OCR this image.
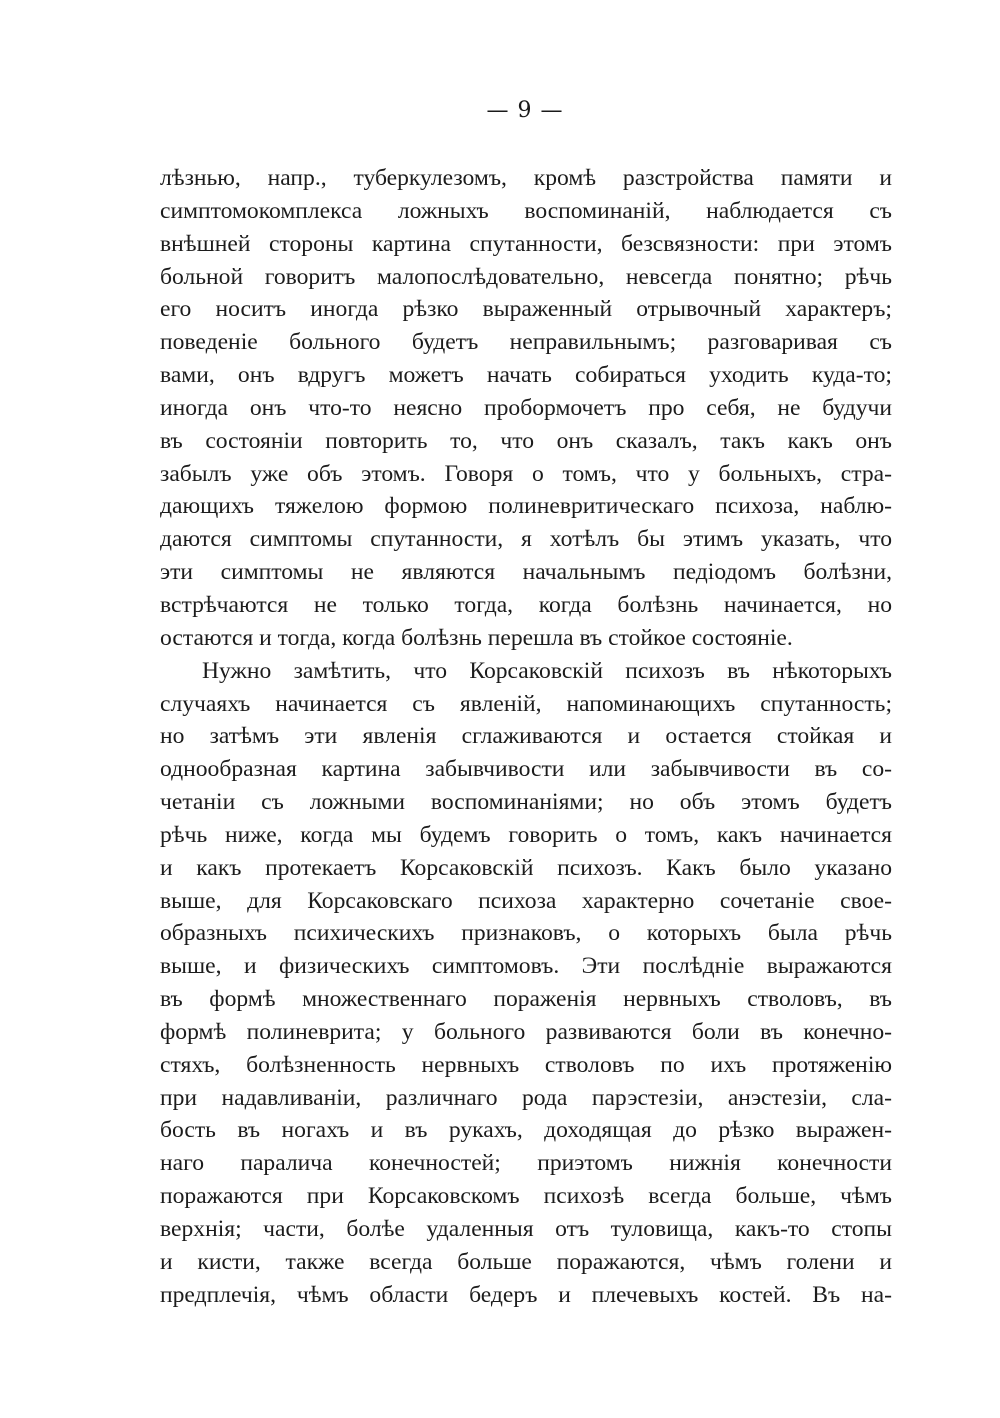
— 9 —
лѣзнью, напр., туберкулезомъ, кромѣ разстройства памяти и
симптомокомплекса ложныхъ воспоминаній, наблюдается съ
внѣшней стороны картина спутанности, безсвязности: при этомъ
больной говоритъ малопослѣдовательно, невсегда понятно; рѣчь
его носитъ иногда рѣзко выраженный отрывочный характеръ;
поведеніе больного будетъ неправильнымъ; разговаривая съ
вами, онъ вдругъ можетъ начать собираться уходить куда-то;
иногда онъ что-то неясно пробормочетъ про себя, не будучи
въ состояніи повторить то, что онъ сказалъ, такъ какъ онъ
забылъ уже объ этомъ. Говоря о томъ, что у больныхъ, стра-
дающихъ тяжелою формою полиневритическаго психоза, наблю-
даются симптомы спутанности, я хотѣлъ бы этимъ указать, что
эти симптомы не являются начальнымъ педіодомъ болѣзни,
встрѣчаются не только тогда, когда болѣзнь начинается, но
остаются и тогда, когда болѣзнь перешла въ стойкое состояніе.
Нужно замѣтить, что Корсаковскій психозъ въ нѣкоторыхъ
случаяхъ начинается съ явленій, напоминающихъ спутанность;
но затѣмъ эти явленія сглаживаются и остается стойкая и
однообразная картина забывчивости или забывчивости въ со-
четаніи съ ложными воспоминаніями; но объ этомъ будетъ
рѣчь ниже, когда мы будемъ говорить о томъ, какъ начинается
и какъ протекаетъ Корсаковскій психозъ. Какъ было указано
выше, для Корсаковскаго психоза характерно сочетаніе свое-
образныхъ психическихъ признаковъ, о которыхъ была рѣчь
выше, и физическихъ симптомовъ. Эти послѣдніе выражаются
въ формѣ множественнаго пораженія нервныхъ стволовъ, въ
формѣ полиневрита; у больного развиваются боли въ конечно-
стяхъ, болѣзненность нервныхъ стволовъ по ихъ протяженію
при надавливаніи, различнаго рода парэстезіи, анэстезіи, сла-
бость въ ногахъ и въ рукахъ, доходящая до рѣзко выражен-
наго паралича конечностей; приэтомъ нижнія конечности
поражаются при Корсаковскомъ психозѣ всегда больше, чѣмъ
верхнія; части, болѣе удаленныя отъ туловища, какъ-то стопы
и кисти, также всегда больше поражаются, чѣмъ голени и
предплечія, чѣмъ области бедеръ и плечевыхъ костей. Въ на-
